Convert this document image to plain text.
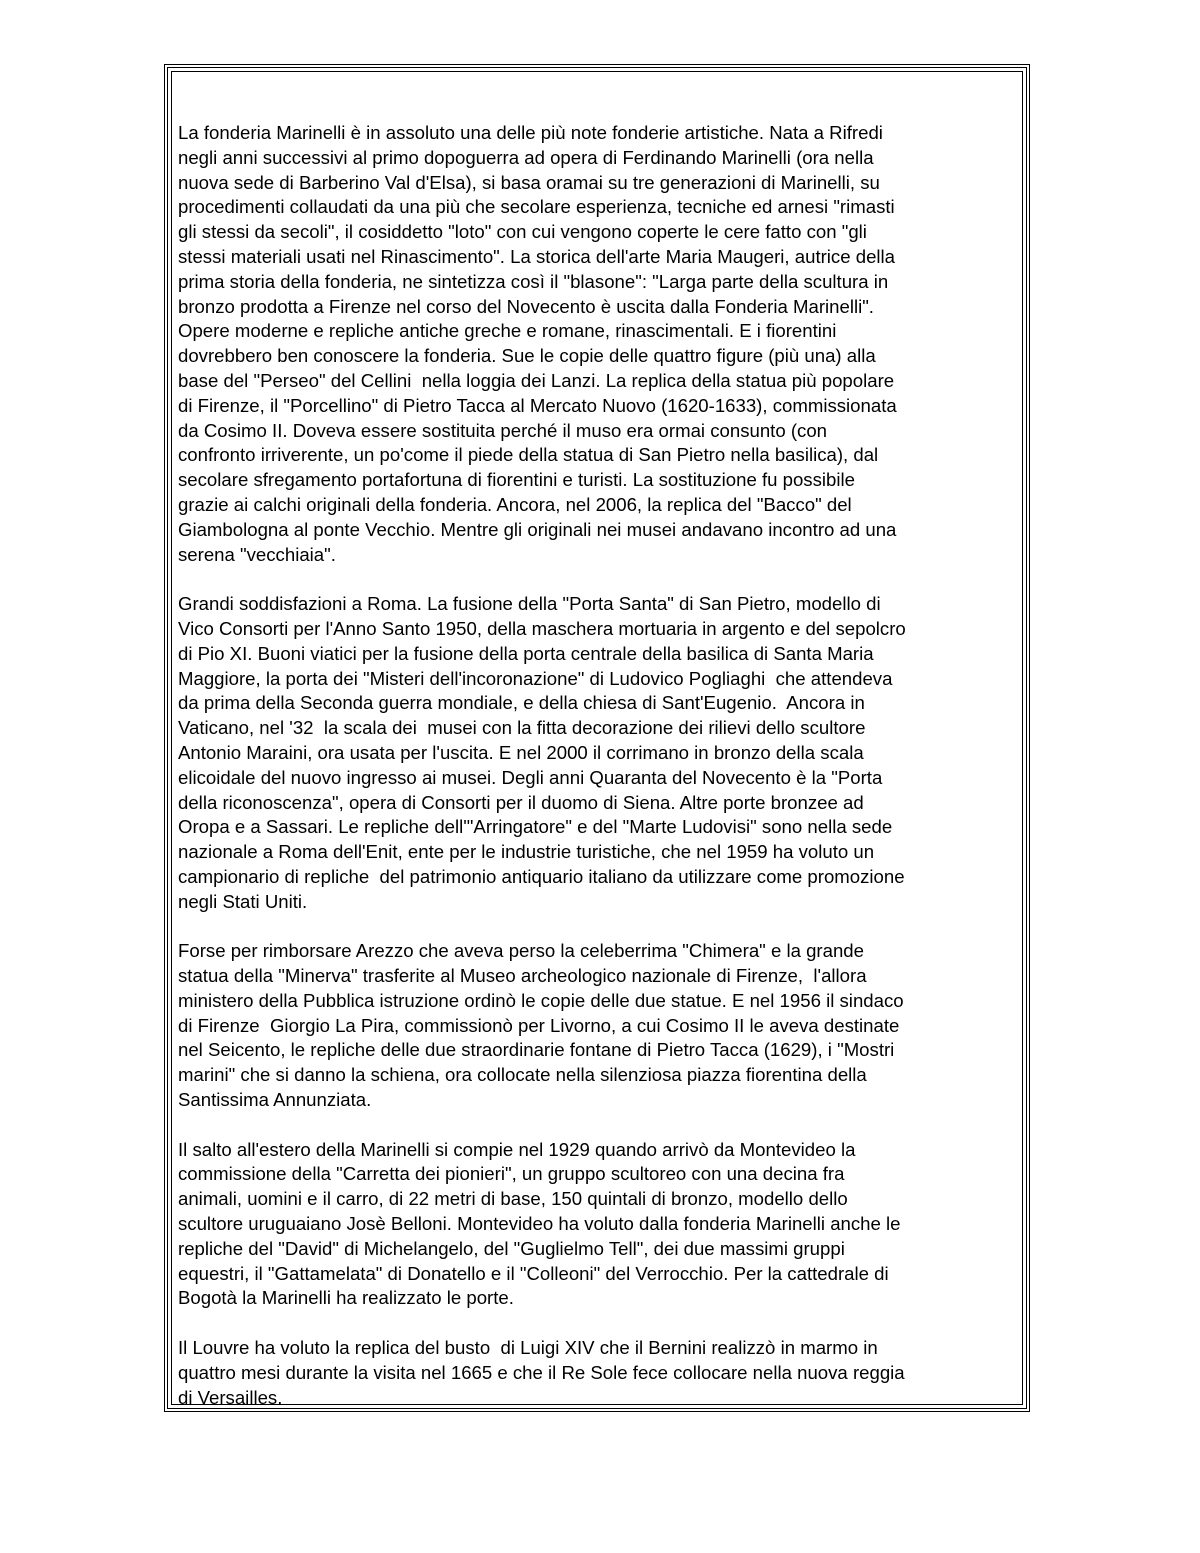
La fonderia Marinelli è in assoluto una delle più note fonderie artistiche. Nata a Rifredi
negli anni successivi al primo dopoguerra ad opera di Ferdinando Marinelli (ora nella
nuova sede di Barberino Val d'Elsa), si basa oramai su tre generazioni di Marinelli, su
procedimenti collaudati da una più che secolare esperienza, tecniche ed arnesi "rimasti
gli stessi da secoli", il cosiddetto "loto" con cui vengono coperte le cere fatto con "gli
stessi materiali usati nel Rinascimento". La storica dell'arte Maria Maugeri, autrice della
prima storia della fonderia, ne sintetizza così il "blasone": "Larga parte della scultura in
bronzo prodotta a Firenze nel corso del Novecento è uscita dalla Fonderia Marinelli".
Opere moderne e repliche antiche greche e romane, rinascimentali. E i fiorentini
dovrebbero ben conoscere la fonderia. Sue le copie delle quattro figure (più una) alla
base del "Perseo" del Cellini  nella loggia dei Lanzi. La replica della statua più popolare
di Firenze, il "Porcellino" di Pietro Tacca al Mercato Nuovo (1620-1633), commissionata
da Cosimo II. Doveva essere sostituita perché il muso era ormai consunto (con
confronto irriverente, un po'come il piede della statua di San Pietro nella basilica), dal
secolare sfregamento portafortuna di fiorentini e turisti. La sostituzione fu possibile
grazie ai calchi originali della fonderia. Ancora, nel 2006, la replica del "Bacco" del
Giambologna al ponte Vecchio. Mentre gli originali nei musei andavano incontro ad una
serena "vecchiaia".

Grandi soddisfazioni a Roma. La fusione della "Porta Santa" di San Pietro, modello di
Vico Consorti per l'Anno Santo 1950, della maschera mortuaria in argento e del sepolcro
di Pio XI. Buoni viatici per la fusione della porta centrale della basilica di Santa Maria
Maggiore, la porta dei "Misteri dell'incoronazione" di Ludovico Pogliaghi  che attendeva
da prima della Seconda guerra mondiale, e della chiesa di Sant'Eugenio.  Ancora in
Vaticano, nel '32  la scala dei  musei con la fitta decorazione dei rilievi dello scultore
Antonio Maraini, ora usata per l'uscita. E nel 2000 il corrimano in bronzo della scala
elicoidale del nuovo ingresso ai musei. Degli anni Quaranta del Novecento è la "Porta
della riconoscenza", opera di Consorti per il duomo di Siena. Altre porte bronzee ad
Oropa e a Sassari. Le repliche dell'"Arringatore" e del "Marte Ludovisi" sono nella sede
nazionale a Roma dell'Enit, ente per le industrie turistiche, che nel 1959 ha voluto un
campionario di repliche  del patrimonio antiquario italiano da utilizzare come promozione
negli Stati Uniti.

Forse per rimborsare Arezzo che aveva perso la celeberrima "Chimera" e la grande
statua della "Minerva" trasferite al Museo archeologico nazionale di Firenze,  l'allora
ministero della Pubblica istruzione ordinò le copie delle due statue. E nel 1956 il sindaco
di Firenze  Giorgio La Pira, commissionò per Livorno, a cui Cosimo II le aveva destinate
nel Seicento, le repliche delle due straordinarie fontane di Pietro Tacca (1629), i "Mostri
marini" che si danno la schiena, ora collocate nella silenziosa piazza fiorentina della
Santissima Annunziata.

Il salto all'estero della Marinelli si compie nel 1929 quando arrivò da Montevideo la
commissione della "Carretta dei pionieri", un gruppo scultoreo con una decina fra
animali, uomini e il carro, di 22 metri di base, 150 quintali di bronzo, modello dello
scultore uruguaiano Josè Belloni. Montevideo ha voluto dalla fonderia Marinelli anche le
repliche del "David" di Michelangelo, del "Guglielmo Tell", dei due massimi gruppi
equestri, il "Gattamelata" di Donatello e il "Colleoni" del Verrocchio. Per la cattedrale di
Bogotà la Marinelli ha realizzato le porte.

Il Louvre ha voluto la replica del busto  di Luigi XIV che il Bernini realizzò in marmo in
quattro mesi durante la visita nel 1665 e che il Re Sole fece collocare nella nuova reggia
di Versailles.
